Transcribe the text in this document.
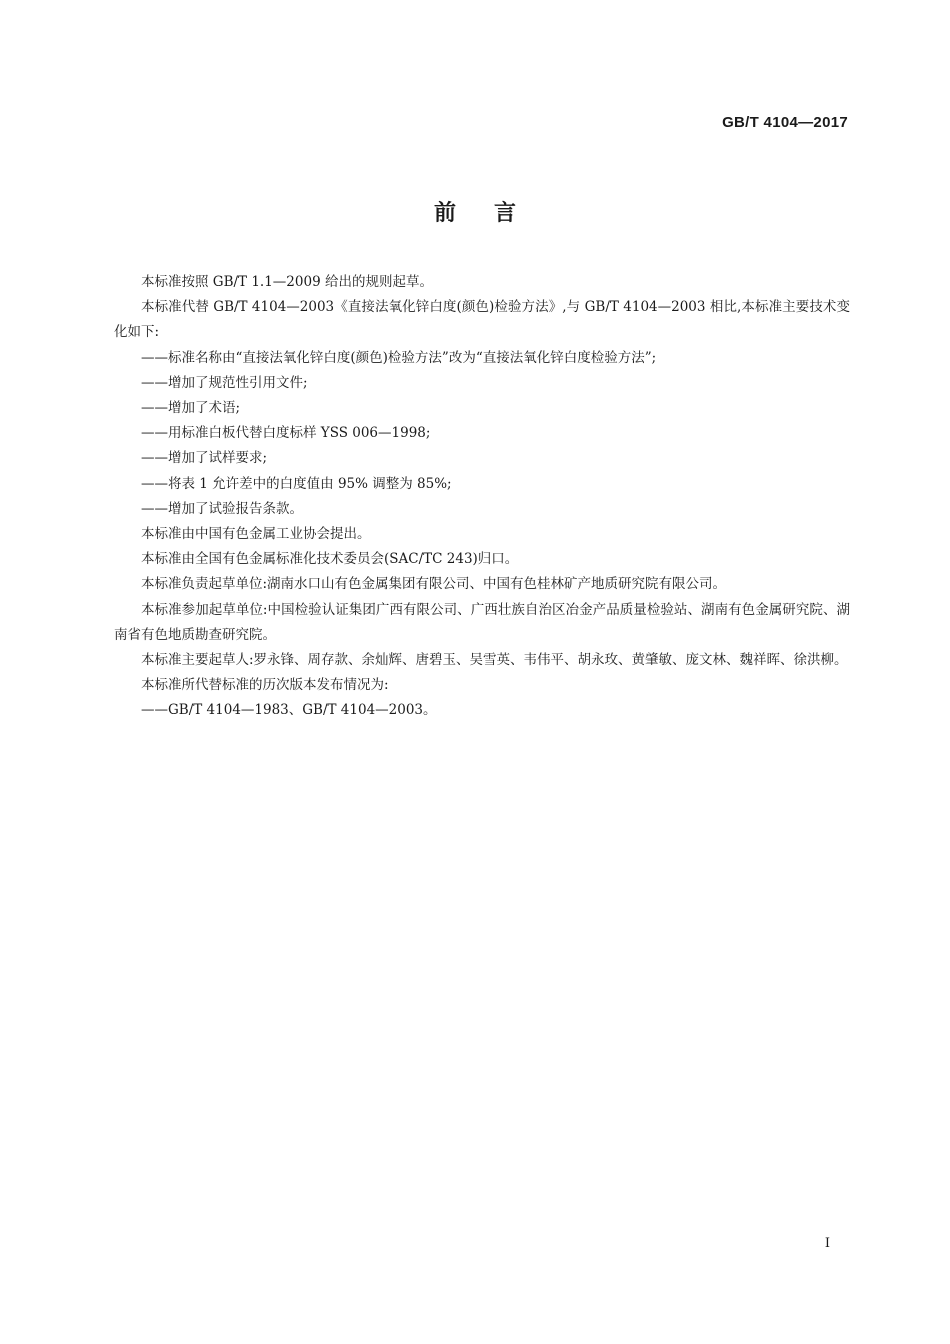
GB/T 4104—2017
前言

本标准按照 GB/T 1.1—2009 给出的规则起草。

本标准代替 GB/T 4104—2003《直接法氧化锌白度(颜色)检验方法》,与 GB/T 4104—2003 相比,本标准主要技术变化如下:

——标准名称由“直接法氧化锌白度(颜色)检验方法”改为“直接法氧化锌白度检验方法”;

——增加了规范性引用文件;

——增加了术语;

——用标准白板代替白度标样 YSS 006—1998;

——增加了试样要求;

——将表 1 允许差中的白度值由 95% 调整为 85%;

——增加了试验报告条款。

本标准由中国有色金属工业协会提出。

本标准由全国有色金属标准化技术委员会(SAC/TC 243)归口。

本标准负责起草单位:湖南水口山有色金属集团有限公司、中国有色桂林矿产地质研究院有限公司。

本标准参加起草单位:中国检验认证集团广西有限公司、广西壮族自治区冶金产品质量检验站、湖南有色金属研究院、湖南省有色地质勘查研究院。

本标准主要起草人:罗永锋、周存款、余灿辉、唐碧玉、吴雪英、韦伟平、胡永玫、黄肇敏、庞文林、魏祥晖、徐洪柳。

本标准所代替标准的历次版本发布情况为:

——GB/T 4104—1983、GB/T 4104—2003。

I
